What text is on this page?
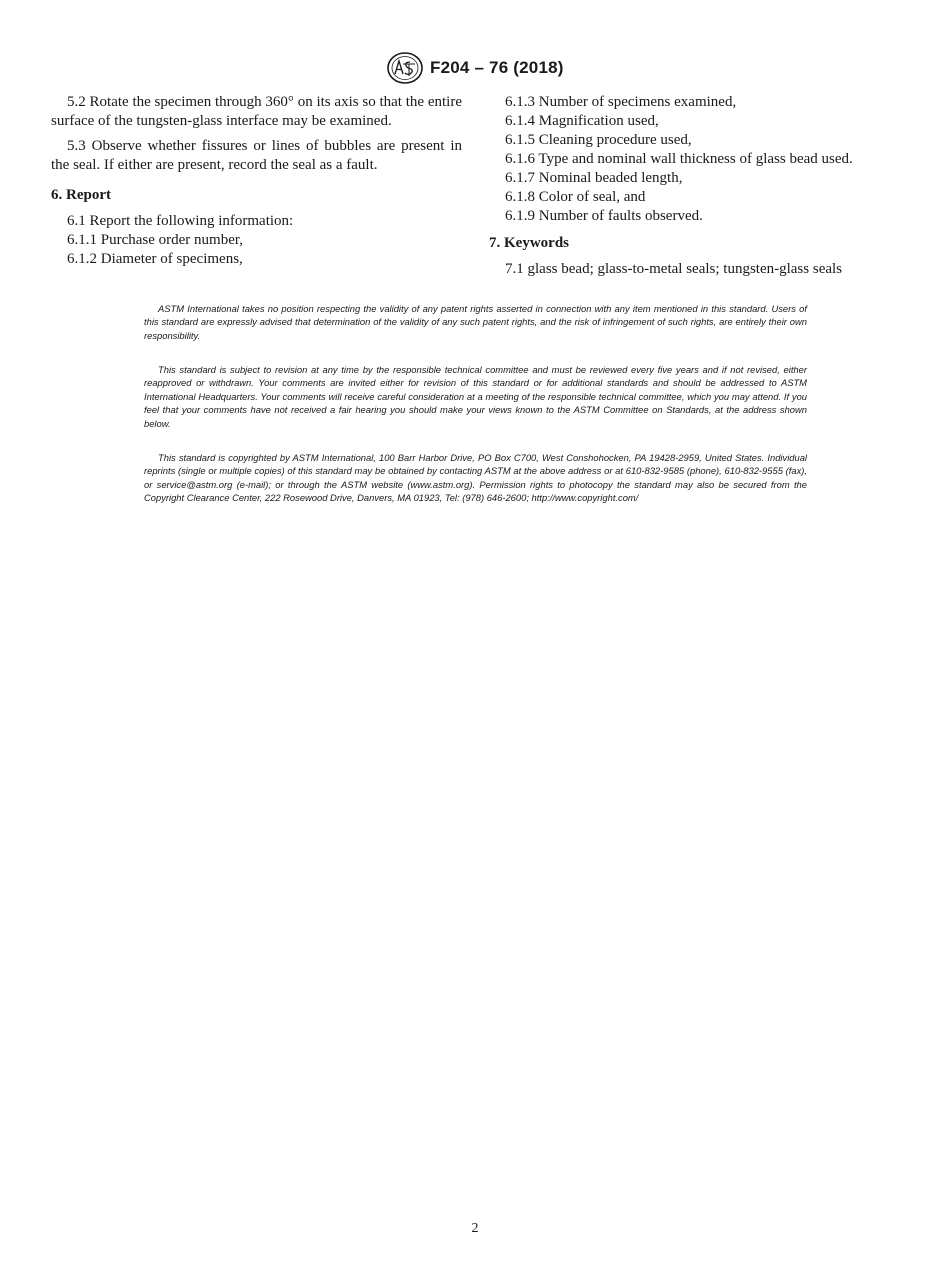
F204 – 76 (2018)

5.2 Rotate the specimen through 360° on its axis so that the entire surface of the tungsten-glass interface may be examined.

5.3 Observe whether fissures or lines of bubbles are present in the seal. If either are present, record the seal as a fault.

6. Report

6.1 Report the following information:

6.1.1 Purchase order number,

6.1.2 Diameter of specimens,

6.1.3 Number of specimens examined,

6.1.4 Magnification used,

6.1.5 Cleaning procedure used,

6.1.6 Type and nominal wall thickness of glass bead used.

6.1.7 Nominal beaded length,

6.1.8 Color of seal, and

6.1.9 Number of faults observed.

7. Keywords

7.1 glass bead; glass-to-metal seals; tungsten-glass seals

ASTM International takes no position respecting the validity of any patent rights asserted in connection with any item mentioned in this standard. Users of this standard are expressly advised that determination of the validity of any such patent rights, and the risk of infringement of such rights, are entirely their own responsibility.

This standard is subject to revision at any time by the responsible technical committee and must be reviewed every five years and if not revised, either reapproved or withdrawn. Your comments are invited either for revision of this standard or for additional standards and should be addressed to ASTM International Headquarters. Your comments will receive careful consideration at a meeting of the responsible technical committee, which you may attend. If you feel that your comments have not received a fair hearing you should make your views known to the ASTM Committee on Standards, at the address shown below.

This standard is copyrighted by ASTM International, 100 Barr Harbor Drive, PO Box C700, West Conshohocken, PA 19428-2959, United States. Individual reprints (single or multiple copies) of this standard may be obtained by contacting ASTM at the above address or at 610-832-9585 (phone), 610-832-9555 (fax), or service@astm.org (e-mail); or through the ASTM website (www.astm.org). Permission rights to photocopy the standard may also be secured from the Copyright Clearance Center, 222 Rosewood Drive, Danvers, MA 01923, Tel: (978) 646-2600; http://www.copyright.com/

2
